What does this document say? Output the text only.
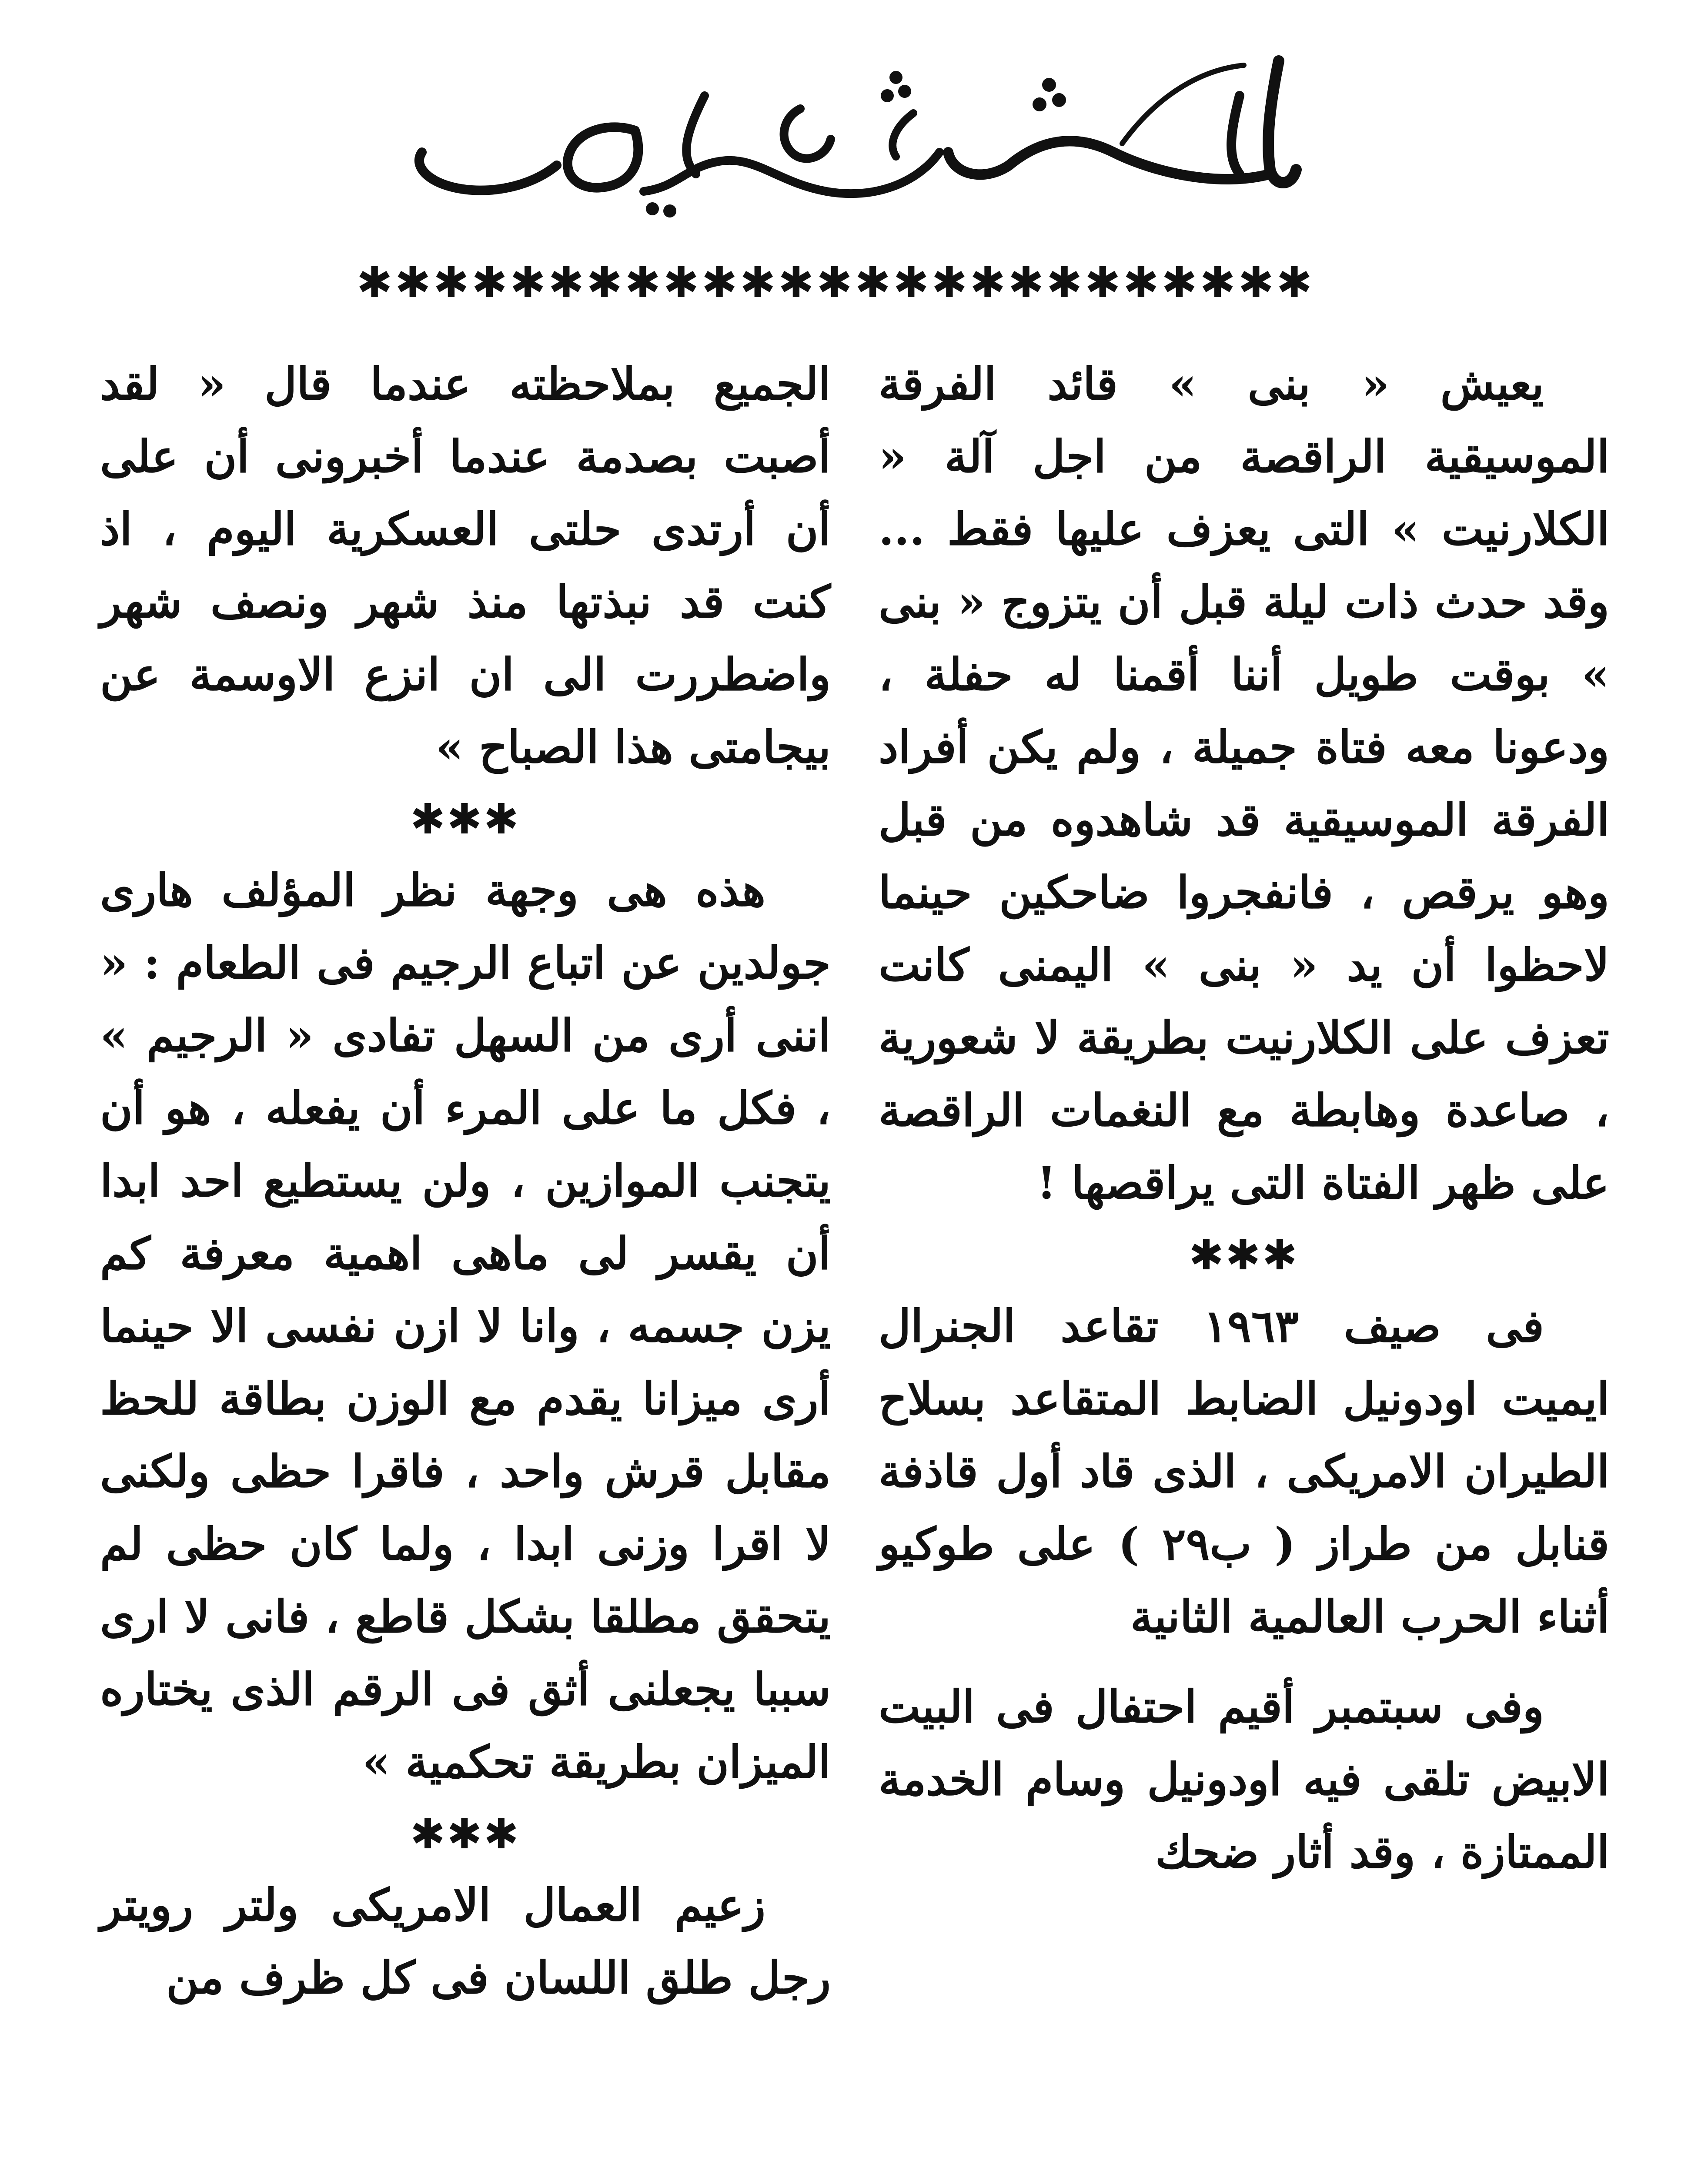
✱✱✱✱✱✱✱✱✱✱✱✱✱✱✱✱✱✱✱✱✱✱✱✱✱

يعيش « بنى » قائد الفرقة الموسيقية الراقصة من اجل آلة « الكلارنيت » التى يعزف عليها فقط ... وقد حدث ذات ليلة قبل أن يتزوج « بنى » بوقت طويل أننا أقمنا له حفلة ، ودعونا معه فتاة جميلة ، ولم يكن أفراد الفرقة الموسيقية قد شاهدوه من قبل وهو يرقص ، فانفجروا ضاحكين حينما لاحظوا أن يد « بنى » اليمنى كانت تعزف على الكلارنيت بطريقة لا شعورية ، صاعدة وهابطة مع النغمات الراقصة على ظهر الفتاة التى يراقصها !

✱✱✱

فى صيف ١٩٦٣ تقاعد الجنرال ايميت اودونيل الضابط المتقاعد بسلاح الطيران الامريكى ، الذى قاد أول قاذفة قنابل من طراز ( ب٢٩ ) على طوكيو أثناء الحرب العالمية الثانية

وفى سبتمبر أقيم احتفال فى البيت الابيض تلقى فيه اودونيل وسام الخدمة الممتازة ، وقد أثار ضحك

الجميع بملاحظته عندما قال « لقد أصبت بصدمة عندما أخبرونى أن على أن أرتدى حلتى العسكرية اليوم ، اذ كنت قد نبذتها منذ شهر ونصف شهر واضطررت الى ان انزع الاوسمة عن بيجامتى هذا الصباح »

✱✱✱

هذه هى وجهة نظر المؤلف هارى جولدين عن اتباع الرجيم فى الطعام : « اننى أرى من السهل تفادى « الرجيم » ، فكل ما على المرء أن يفعله ، هو أن يتجنب الموازين ، ولن يستطيع احد ابدا أن يقسر لى ماهى اهمية معرفة كم يزن جسمه ، وانا لا ازن نفسى الا حينما أرى ميزانا يقدم مع الوزن بطاقة للحظ مقابل قرش واحد ، فاقرا حظى ولكنى لا اقرا وزنى ابدا ، ولما كان حظى لم يتحقق مطلقا بشكل قاطع ، فانى لا ارى سببا يجعلنى أثق فى الرقم الذى يختاره الميزان بطريقة تحكمية »

✱✱✱

زعيم العمال الامريكى ولتر رويتر رجل طلق اللسان فى كل ظرف من
